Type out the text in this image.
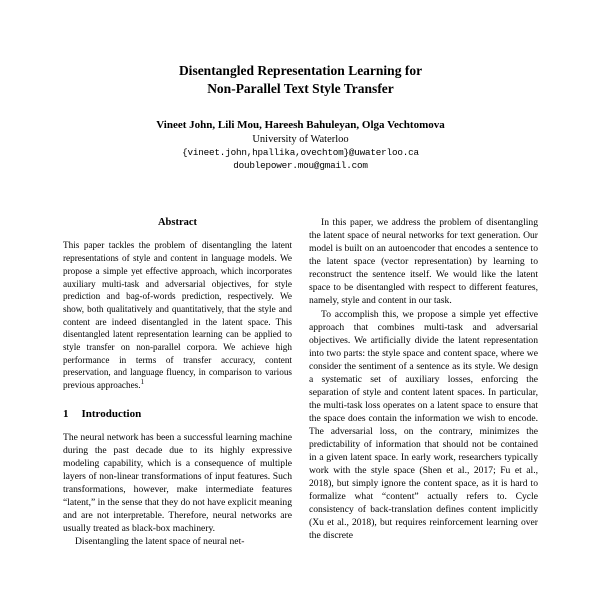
Disentangled Representation Learning for
Non-Parallel Text Style Transfer

Vineet John, Lili Mou, Hareesh Bahuleyan, Olga Vechtomova

University of Waterloo

{vineet.john,hpallika,ovechtom}@uwaterloo.ca

doublepower.mou@gmail.com

Abstract

This paper tackles the problem of disentangling the latent representations of style and content in language models. We propose a simple yet effective approach, which incorporates auxiliary multi-task and adversarial objectives, for style prediction and bag-of-words prediction, respectively. We show, both qualitatively and quantitatively, that the style and content are indeed disentangled in the latent space. This disentangled latent representation learning can be applied to style transfer on non-parallel corpora. We achieve high performance in terms of transfer accuracy, content preservation, and language fluency, in comparison to various previous approaches.$^1$

1 Introduction

The neural network has been a successful learning machine during the past decade due to its highly expressive modeling capability, which is a consequence of multiple layers of non-linear transformations of input features. Such transformations, however, make intermediate features “latent,” in the sense that they do not have explicit meaning and are not interpretable. Therefore, neural networks are usually treated as black-box machinery.

Disentangling the latent space of neural net-

In this paper, we address the problem of disentangling the latent space of neural networks for text generation. Our model is built on an autoencoder that encodes a sentence to the latent space (vector representation) by learning to reconstruct the sentence itself. We would like the latent space to be disentangled with respect to different features, namely, style and content in our task.

To accomplish this, we propose a simple yet effective approach that combines multi-task and adversarial objectives. We artificially divide the latent representation into two parts: the style space and content space, where we consider the sentiment of a sentence as its style. We design a systematic set of auxiliary losses, enforcing the separation of style and content latent spaces. In particular, the multi-task loss operates on a latent space to ensure that the space does contain the information we wish to encode. The adversarial loss, on the contrary, minimizes the predictability of information that should not be contained in a given latent space. In early work, researchers typically work with the style space (Shen et al., 2017; Fu et al., 2018), but simply ignore the content space, as it is hard to formalize what “content” actually refers to. Cycle consistency of back-translation defines content implicitly (Xu et al., 2018), but requires reinforcement learning over the discrete
